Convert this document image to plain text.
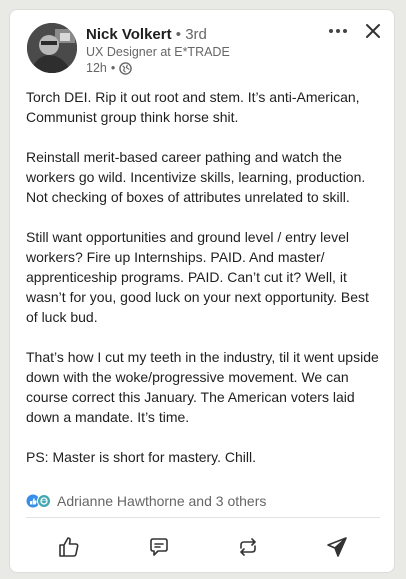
Nick Volkert • 3rd
UX Designer at E*TRADE
12h •

Torch DEI. Rip it out root and stem. It’s anti-American, Communist group think horse shit.

Reinstall merit-based career pathing and watch the workers go wild. Incentivize skills, learning, production. Not checking of boxes of attributes unrelated to skill.

Still want opportunities and ground level / entry level workers? Fire up Internships. PAID. And master/ apprenticeship programs. PAID. Can’t cut it? Well, it wasn’t for you, good luck on your next opportunity. Best of luck bud.

That’s how I cut my teeth in the industry, til it went upside down with the woke/progressive movement. We can course correct this January. The American voters laid down a mandate. It’s time.

PS: Master is short for mastery. Chill.

Adrianne Hawthorne and 3 others
